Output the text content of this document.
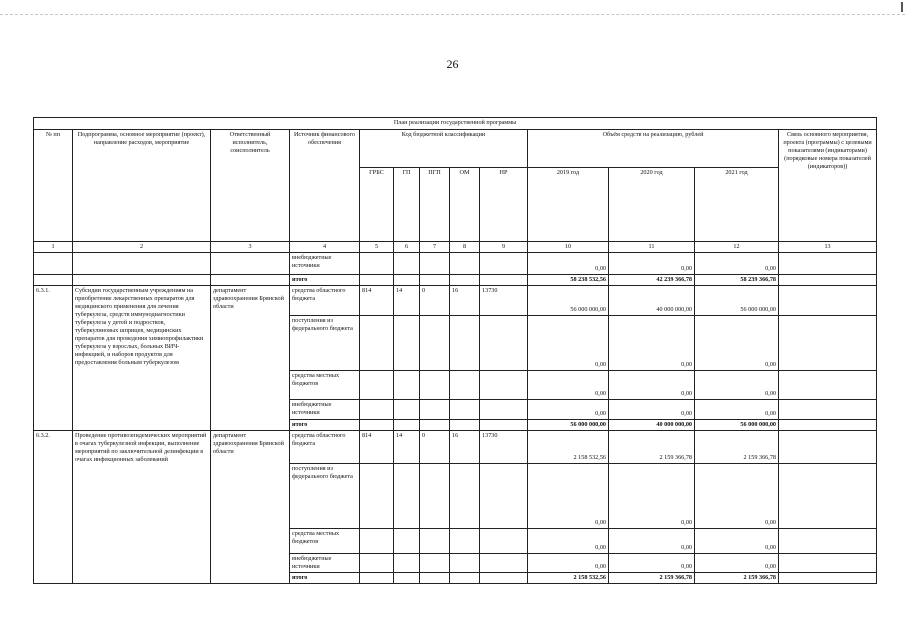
26
План реализации государственной программы												
№ пп	Подпрограмма, основное мероприятие (проект), направление расходов, мероприятие	Ответственный исполнитель, соисполнитель	Источник финансового обеспечения	Код бюджетной классификации					Объём средств на реализацию, рублей			Связь основного мероприятия, проекта (программы) с целевыми показателями (индикаторами) (порядковые номера показателей (индикаторов))
				ГРБС	ГП	ПГП	ОМ	НР	2019 год	2020 год	2021 год	
1	2	3	4	5	6	7	8	9	10	11	12	13
			внебюджетные источники						0,00	0,00	0,00	
			итого						58 238 532,56	42 239 366,78	58 239 366,78	
6.3.1.	Субсидии государственным учреждениям на приобретение лекарственных препаратов для медицинского применения для лечения туберкулеза, средств иммунодиагностики туберкулеза у детей и подростков, туберкулиновых шприцев, медицинских препаратов для проведения химиопрофилактики туберкулеза у взрослых, больных ВИЧ-инфекцией, и наборов продуктов для предоставления больным туберкулезом	департамент здравоохранения Брянской области	средства областного бюджета	814	14	0	16	13730	56 000 000,00	40 000 000,00	56 000 000,00	
			поступления из федерального бюджета						0,00	0,00	0,00	
			средства местных бюджетов						0,00	0,00	0,00	
			внебюджетные источники						0,00	0,00	0,00	
			итого						56 000 000,00	40 000 000,00	56 000 000,00	
6.3.2.	Проведение противоэпидемических мероприятий в очагах туберкулезной инфекции, выполнение мероприятий по заключительной дезинфекции в очагах инфекционных заболеваний	департамент здравоохранения Брянской области	средства областного бюджета	814	14	0	16	13730	2 158 532,56	2 159 366,78	2 159 366,78	
			поступления из федерального бюджета						0,00	0,00	0,00	
			средства местных бюджетов						0,00	0,00	0,00	
			внебюджетные источники						0,00	0,00	0,00	
			итого						2 158 532,56	2 159 366,78	2 159 366,78	
